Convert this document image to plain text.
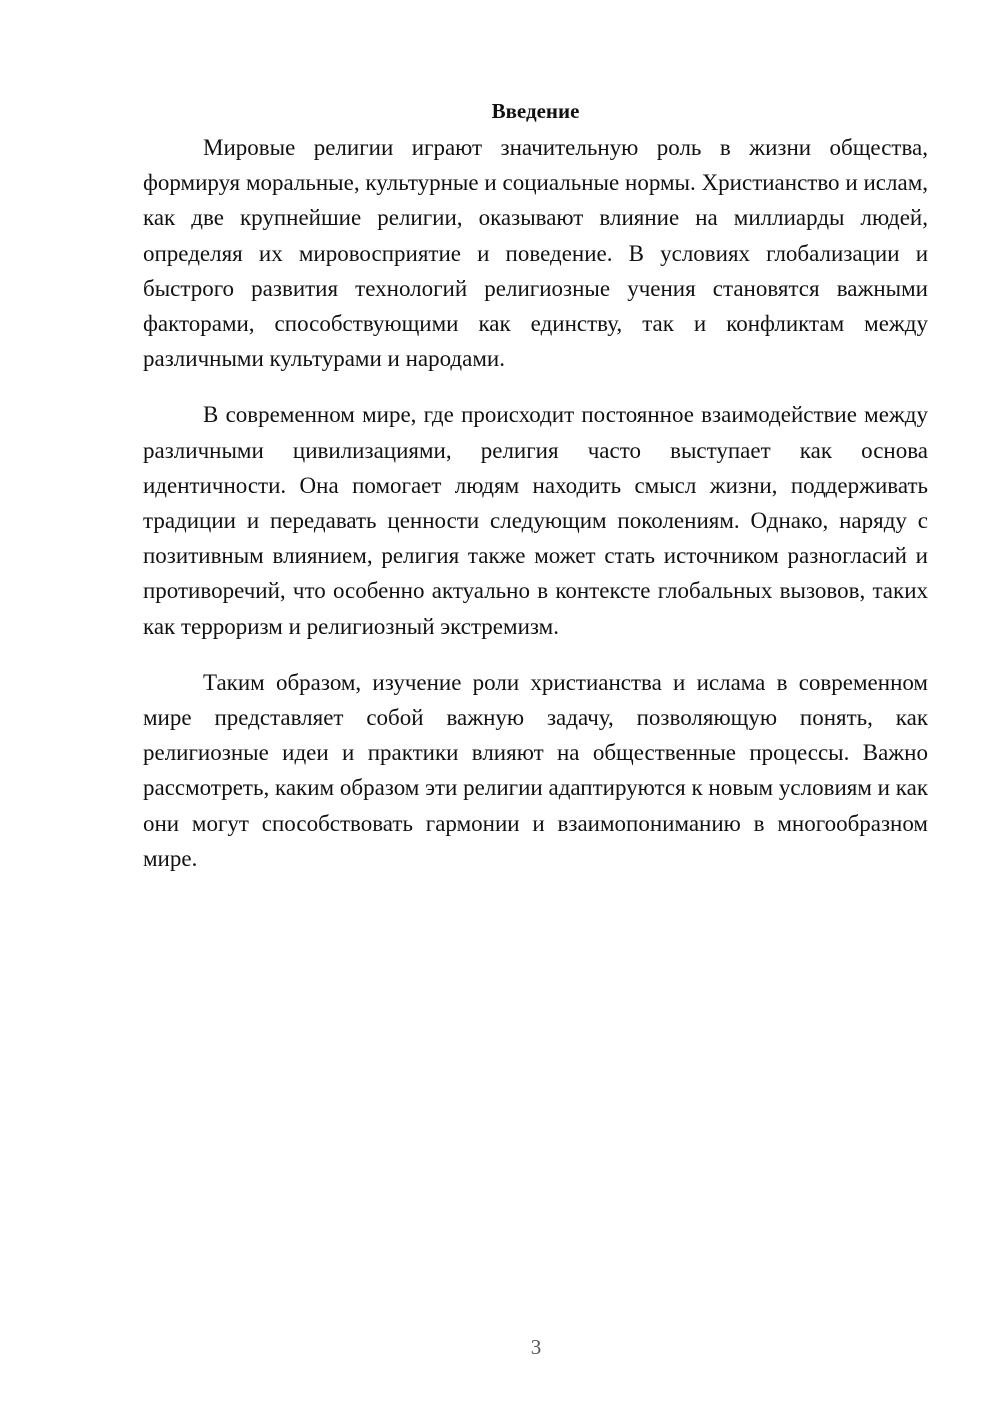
Введение

Мировые религии играют значительную роль в жизни общества, формируя моральные, культурные и социальные нормы. Христианство и ислам, как две крупнейшие религии, оказывают влияние на миллиарды людей, определяя их мировосприятие и поведение. В условиях глобализации и быстрого развития технологий религиозные учения становятся важными факторами, способствующими как единству, так и конфликтам между различными культурами и народами.

В современном мире, где происходит постоянное взаимодействие между различными цивилизациями, религия часто выступает как основа идентичности. Она помогает людям находить смысл жизни, поддерживать традиции и передавать ценности следующим поколениям. Однако, наряду с позитивным влиянием, религия также может стать источником разногласий и противоречий, что особенно актуально в контексте глобальных вызовов, таких как терроризм и религиозный экстремизм.

Таким образом, изучение роли христианства и ислама в современном мире представляет собой важную задачу, позволяющую понять, как религиозные идеи и практики влияют на общественные процессы. Важно рассмотреть, каким образом эти религии адаптируются к новым условиям и как они могут способствовать гармонии и взаимопониманию в многообразном мире.

3
